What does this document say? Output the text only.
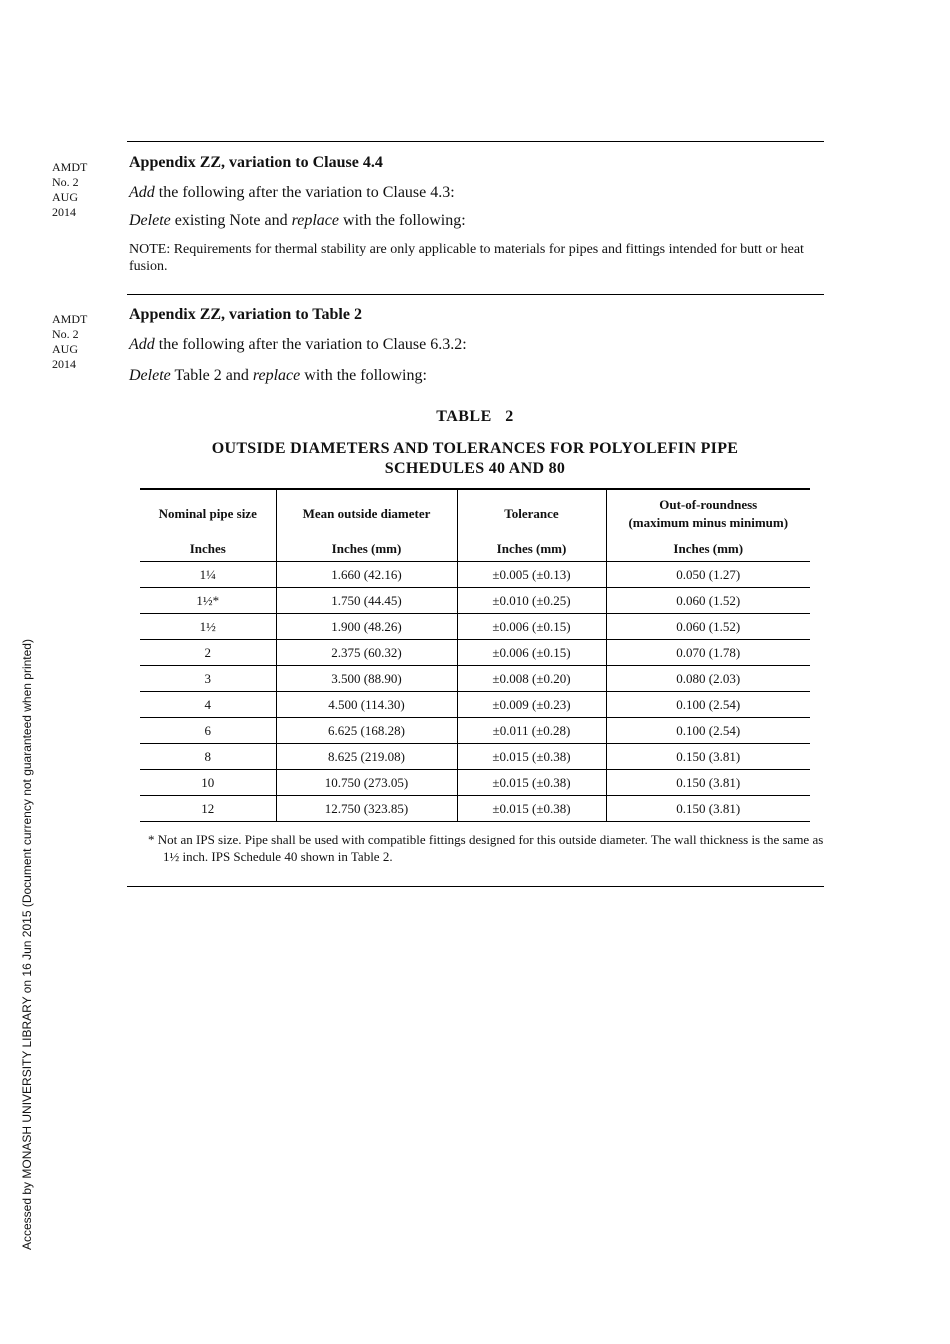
AMDT
No. 2
AUG
2014
Appendix ZZ, variation to Clause 4.4
Add the following after the variation to Clause 4.3:
Delete existing Note and replace with the following:
NOTE: Requirements for thermal stability are only applicable to materials for pipes and fittings intended for butt or heat fusion.
AMDT
No. 2
AUG
2014
Appendix ZZ, variation to Table 2
Add the following after the variation to Clause 6.3.2:
Delete Table 2 and replace with the following:
TABLE   2
OUTSIDE DIAMETERS AND TOLERANCES FOR POLYOLEFIN PIPE
SCHEDULES 40 AND 80
Nominal pipe size	Mean outside diameter	Tolerance	Out-of-roundness
(maximum minus minimum)

Inches	Inches (mm)	Inches (mm)	Inches (mm)
1¼	1.660 (42.16)	±0.005 (±0.13)	0.050 (1.27)
1½*	1.750 (44.45)	±0.010 (±0.25)	0.060 (1.52)
1½	1.900 (48.26)	±0.006 (±0.15)	0.060 (1.52)
2	2.375 (60.32)	±0.006 (±0.15)	0.070 (1.78)
3	3.500 (88.90)	±0.008 (±0.20)	0.080 (2.03)
4	4.500 (114.30)	±0.009 (±0.23)	0.100 (2.54)
6	6.625 (168.28)	±0.011 (±0.28)	0.100 (2.54)
8	8.625 (219.08)	±0.015 (±0.38)	0.150 (3.81)
10	10.750 (273.05)	±0.015 (±0.38)	0.150 (3.81)
12	12.750 (323.85)	±0.015 (±0.38)	0.150 (3.81)
* Not an IPS size. Pipe shall be used with compatible fittings designed for this outside diameter. The wall thickness is the same as 1½ inch. IPS Schedule 40 shown in Table 2.
Accessed by MONASH UNIVERSITY LIBRARY on 16 Jun 2015 (Document currency not guaranteed when printed)
